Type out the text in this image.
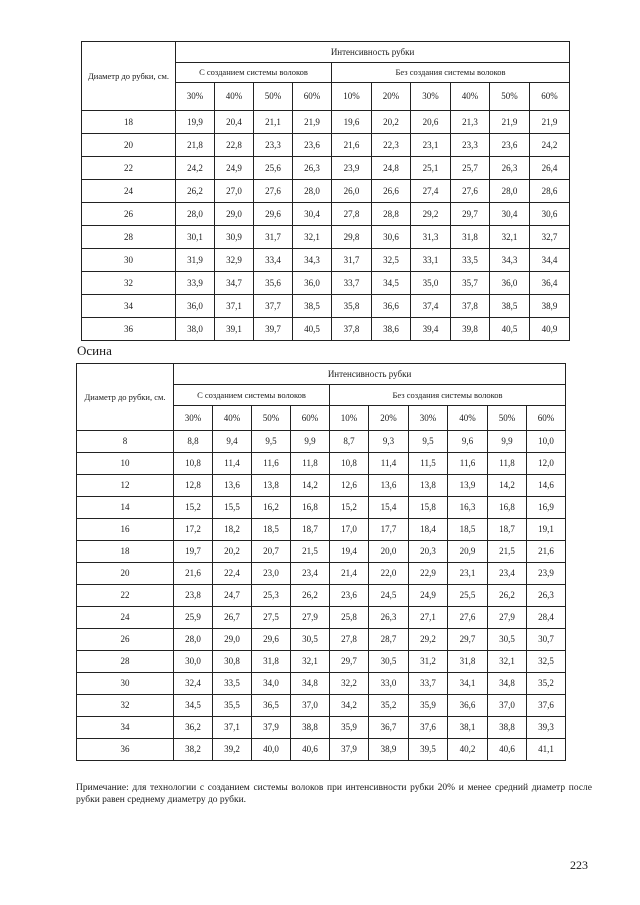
Диаметр до рубки, см.	Интенсивность рубки									
	С созданием системы волоков				Без создания системы волоков					
	30%	40%	50%	60%	10%	20%	30%	40%	50%	60%
18	19,9	20,4	21,1	21,9	19,6	20,2	20,6	21,3	21,9	21,9
20	21,8	22,8	23,3	23,6	21,6	22,3	23,1	23,3	23,6	24,2
22	24,2	24,9	25,6	26,3	23,9	24,8	25,1	25,7	26,3	26,4
24	26,2	27,0	27,6	28,0	26,0	26,6	27,4	27,6	28,0	28,6
26	28,0	29,0	29,6	30,4	27,8	28,8	29,2	29,7	30,4	30,6
28	30,1	30,9	31,7	32,1	29,8	30,6	31,3	31,8	32,1	32,7
30	31,9	32,9	33,4	34,3	31,7	32,5	33,1	33,5	34,3	34,4
32	33,9	34,7	35,6	36,0	33,7	34,5	35,0	35,7	36,0	36,4
34	36,0	37,1	37,7	38,5	35,8	36,6	37,4	37,8	38,5	38,9
36	38,0	39,1	39,7	40,5	37,8	38,6	39,4	39,8	40,5	40,9
Осина
Диаметр до рубки, см.	Интенсивность рубки									
	С созданием системы волоков				Без создания системы волоков					
	30%	40%	50%	60%	10%	20%	30%	40%	50%	60%
8	8,8	9,4	9,5	9,9	8,7	9,3	9,5	9,6	9,9	10,0
10	10,8	11,4	11,6	11,8	10,8	11,4	11,5	11,6	11,8	12,0
12	12,8	13,6	13,8	14,2	12,6	13,6	13,8	13,9	14,2	14,6
14	15,2	15,5	16,2	16,8	15,2	15,4	15,8	16,3	16,8	16,9
16	17,2	18,2	18,5	18,7	17,0	17,7	18,4	18,5	18,7	19,1
18	19,7	20,2	20,7	21,5	19,4	20,0	20,3	20,9	21,5	21,6
20	21,6	22,4	23,0	23,4	21,4	22,0	22,9	23,1	23,4	23,9
22	23,8	24,7	25,3	26,2	23,6	24,5	24,9	25,5	26,2	26,3
24	25,9	26,7	27,5	27,9	25,8	26,3	27,1	27,6	27,9	28,4
26	28,0	29,0	29,6	30,5	27,8	28,7	29,2	29,7	30,5	30,7
28	30,0	30,8	31,8	32,1	29,7	30,5	31,2	31,8	32,1	32,5
30	32,4	33,5	34,0	34,8	32,2	33,0	33,7	34,1	34,8	35,2
32	34,5	35,5	36,5	37,0	34,2	35,2	35,9	36,6	37,0	37,6
34	36,2	37,1	37,9	38,8	35,9	36,7	37,6	38,1	38,8	39,3
36	38,2	39,2	40,0	40,6	37,9	38,9	39,5	40,2	40,6	41,1
Примечание: для технологии с созданием системы волоков при интенсивности рубки 20% и менее средний диаметр после рубки равен среднему диаметру до рубки.
223
